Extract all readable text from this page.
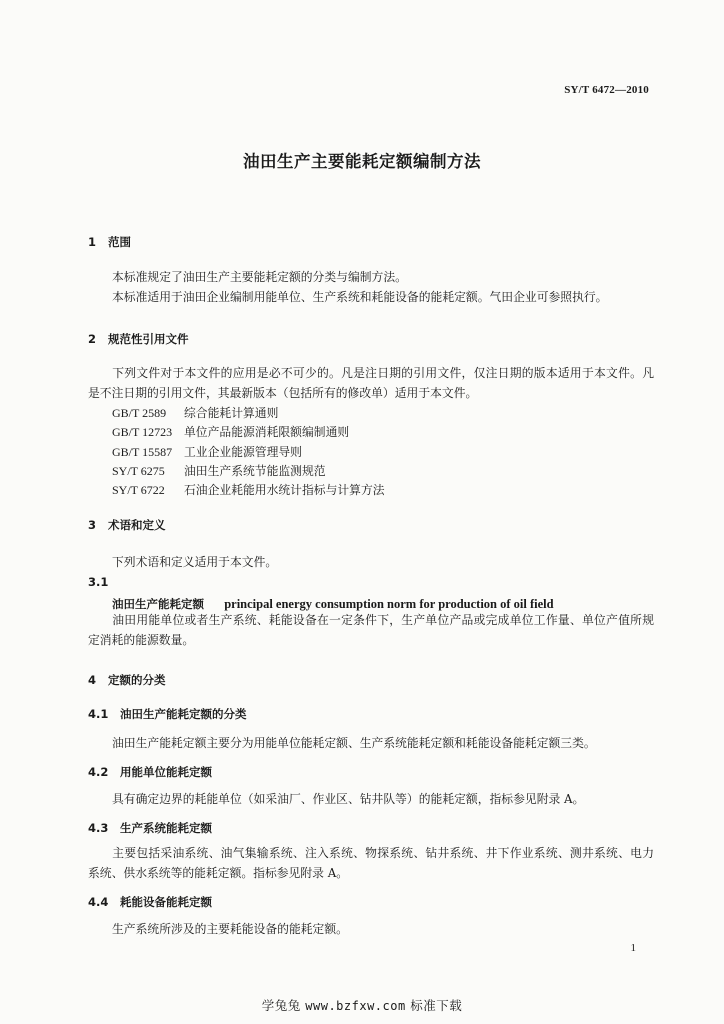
SY/T 6472—2010
油田生产主要能耗定额编制方法
1 范围
本标准规定了油田生产主要能耗定额的分类与编制方法。
本标准适用于油田企业编制用能单位、生产系统和耗能设备的能耗定额。气田企业可参照执行。
2 规范性引用文件
下列文件对于本文件的应用是必不可少的。凡是注日期的引用文件，仅注日期的版本适用于本文件。凡是不注日期的引用文件，其最新版本（包括所有的修改单）适用于本文件。
GB/T 2589 综合能耗计算通则
GB/T 12723 单位产品能源消耗限额编制通则
GB/T 15587 工业企业能源管理导则
SY/T 6275 油田生产系统节能监测规范
SY/T 6722 石油企业耗能用水统计指标与计算方法
3 术语和定义
下列术语和定义适用于本文件。
3.1
油田生产能耗定额 principal energy consumption norm for production of oil field
油田用能单位或者生产系统、耗能设备在一定条件下，生产单位产品或完成单位工作量、单位产值所规定消耗的能源数量。
4 定额的分类
4.1 油田生产能耗定额的分类
油田生产能耗定额主要分为用能单位能耗定额、生产系统能耗定额和耗能设备能耗定额三类。
4.2 用能单位能耗定额
具有确定边界的耗能单位（如采油厂、作业区、钻井队等）的能耗定额，指标参见附录 A。
4.3 生产系统能耗定额
主要包括采油系统、油气集输系统、注入系统、物探系统、钻井系统、井下作业系统、测井系统、电力系统、供水系统等的能耗定额。指标参见附录 A。
4.4 耗能设备能耗定额
生产系统所涉及的主要耗能设备的能耗定额。
1
学兔兔 www.bzfxw.com 标准下载
